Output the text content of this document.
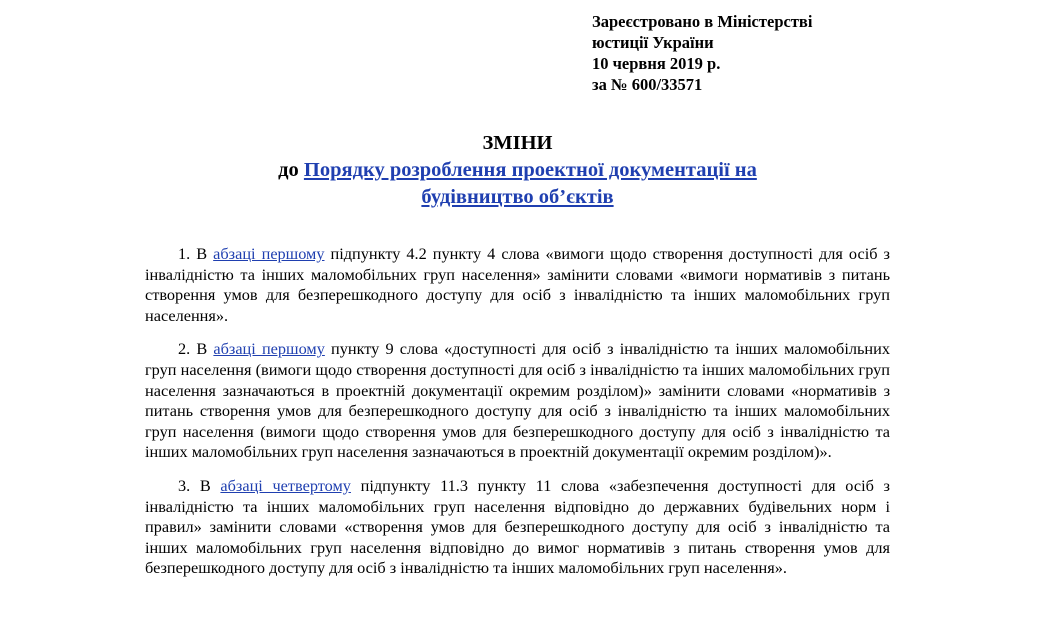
Зареєстровано в Міністерстві
юстиції України
10 червня 2019 р.
за № 600/33571
ЗМІНИ
до Порядку розроблення проектної документації на
будівництво об’єктів

1. В абзаці першому підпункту 4.2 пункту 4 слова «вимоги щодо створення доступності для осіб з інвалідністю та інших маломобільних груп населення» замінити словами «вимоги нормативів з питань створення умов для безперешкодного доступу для осіб з інвалідністю та інших маломобільних груп населення».

2. В абзаці першому пункту 9 слова «доступності для осіб з інвалідністю та інших маломобільних груп населення (вимоги щодо створення доступності для осіб з інвалідністю та інших маломобільних груп населення зазначаються в проектній документації окремим розділом)» замінити словами «нормативів з питань створення умов для безперешкодного доступу для осіб з інвалідністю та інших маломобільних груп населення (вимоги щодо створення умов для безперешкодного доступу для осіб з інвалідністю та інших маломобільних груп населення зазначаються в проектній документації окремим розділом)».

3. В абзаці четвертому підпункту 11.3 пункту 11 слова «забезпечення доступності для осіб з інвалідністю та інших маломобільних груп населення відповідно до державних будівельних норм і правил» замінити словами «створення умов для безперешкодного доступу для осіб з інвалідністю та інших маломобільних груп населення відповідно до вимог нормативів з питань створення умов для безперешкодного доступу для осіб з інвалідністю та інших маломобільних груп населення».
